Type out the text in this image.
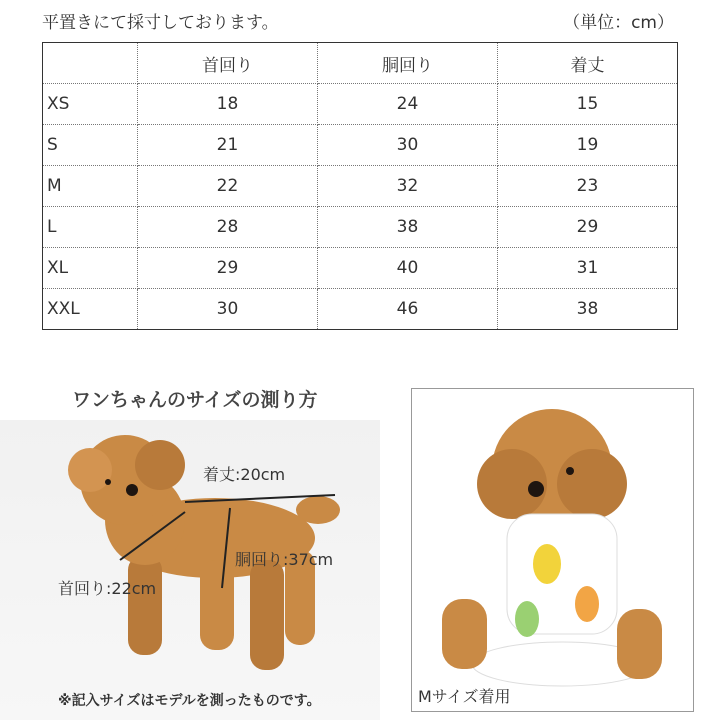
平置きにて採寸しております。	（単位：cm）
	首回り	胴回り	着丈
XS	18	24	15
S	21	30	19
M	22	32	23
L	28	38	29
XL	29	40	31
XXL	30	46	38
ワンちゃんのサイズの測り方
着丈:20cm
胴回り:37cm
首回り:22cm
※記入サイズはモデルを測ったものです。	Mサイズ着用
